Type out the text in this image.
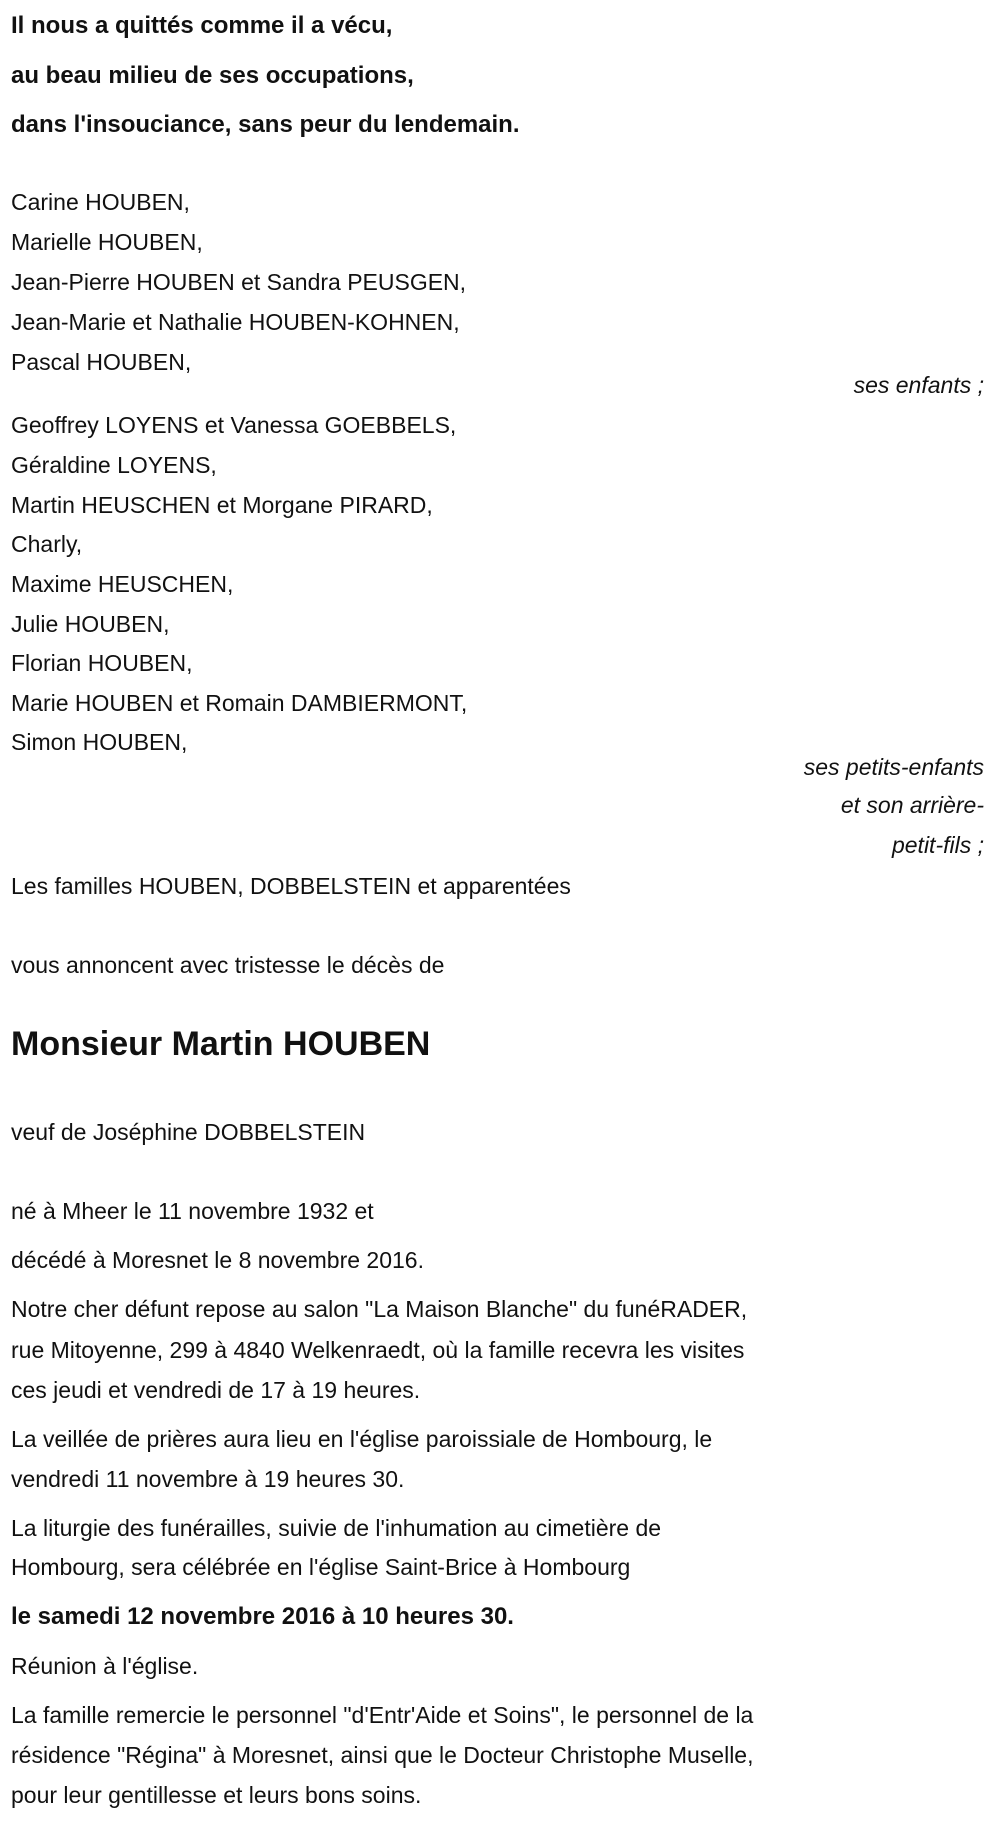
Il nous a quittés comme il a vécu,
au beau milieu de ses occupations,
dans l'insouciance, sans peur du lendemain.
Carine HOUBEN,
Marielle HOUBEN,
Jean-Pierre HOUBEN et Sandra PEUSGEN,
Jean-Marie et Nathalie HOUBEN-KOHNEN,
Pascal HOUBEN,
ses enfants ;
Geoffrey LOYENS et Vanessa GOEBBELS,
Géraldine LOYENS,
Martin HEUSCHEN et Morgane PIRARD,
Charly,
Maxime HEUSCHEN,
Julie HOUBEN,
Florian HOUBEN,
Marie HOUBEN et Romain DAMBIERMONT,
Simon HOUBEN,
ses petits-enfants
et son arrière-
petit-fils ;
Les familles HOUBEN, DOBBELSTEIN et apparentées
vous annoncent avec tristesse le décès de
Monsieur Martin HOUBEN
veuf de Joséphine DOBBELSTEIN
né à Mheer le 11 novembre 1932 et
décédé à Moresnet le 8 novembre 2016.
Notre cher défunt repose au salon "La Maison Blanche" du funéRADER,
rue Mitoyenne, 299 à 4840 Welkenraedt, où la famille recevra les visites
ces jeudi et vendredi de 17 à 19 heures.
La veillée de prières aura lieu en l'église paroissiale de Hombourg, le
vendredi 11 novembre à 19 heures 30.
La liturgie des funérailles, suivie de l'inhumation au cimetière de
Hombourg, sera célébrée en l'église Saint-Brice à Hombourg
le samedi 12 novembre 2016 à 10 heures 30.
Réunion à l'église.
La famille remercie le personnel "d'Entr'Aide et Soins", le personnel de la
résidence "Régina" à Moresnet, ainsi que le Docteur Christophe Muselle,
pour leur gentillesse et leurs bons soins.
